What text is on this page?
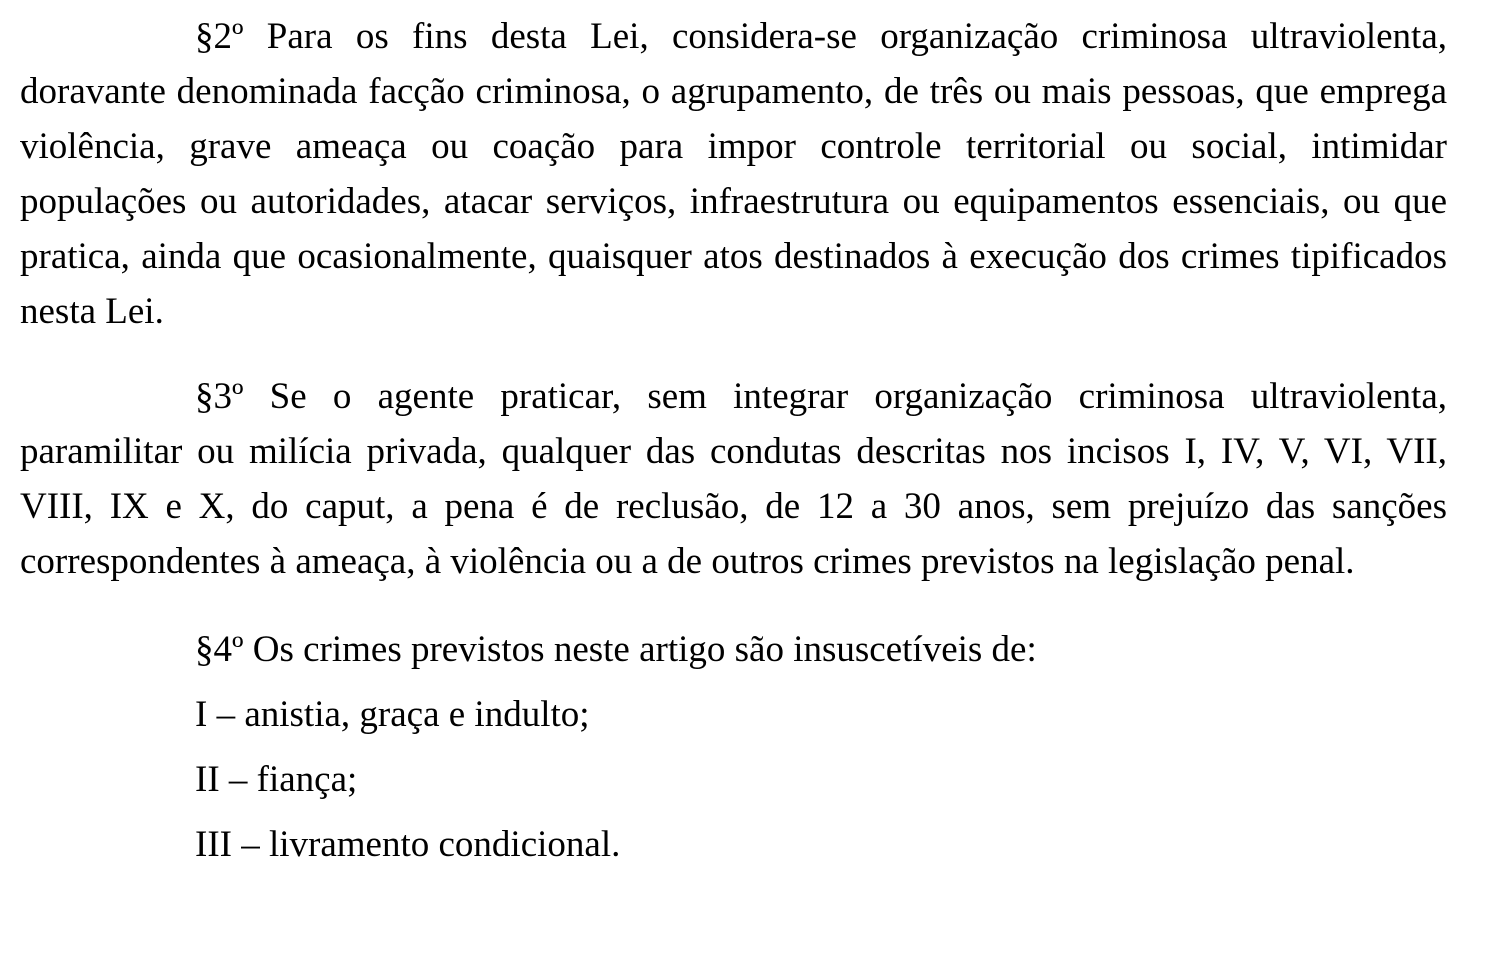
§2º Para os fins desta Lei, considera-se organização criminosa ultraviolenta, doravante denominada facção criminosa, o agrupamento, de três ou mais pessoas, que emprega violência, grave ameaça ou coação para impor controle territorial ou social, intimidar populações ou autoridades, atacar serviços, infraestrutura ou equipamentos essenciais, ou que pratica, ainda que ocasionalmente, quaisquer atos destinados à execução dos crimes tipificados nesta Lei.

§3º Se o agente praticar, sem integrar organização criminosa ultraviolenta, paramilitar ou milícia privada, qualquer das condutas descritas nos incisos I, IV, V, VI, VII, VIII, IX e X, do caput, a pena é de reclusão, de 12 a 30 anos, sem prejuízo das sanções correspondentes à ameaça, à violência ou a de outros crimes previstos na legislação penal.

§4º Os crimes previstos neste artigo são insuscetíveis de:

I – anistia, graça e indulto;
II – fiança;
III – livramento condicional.
